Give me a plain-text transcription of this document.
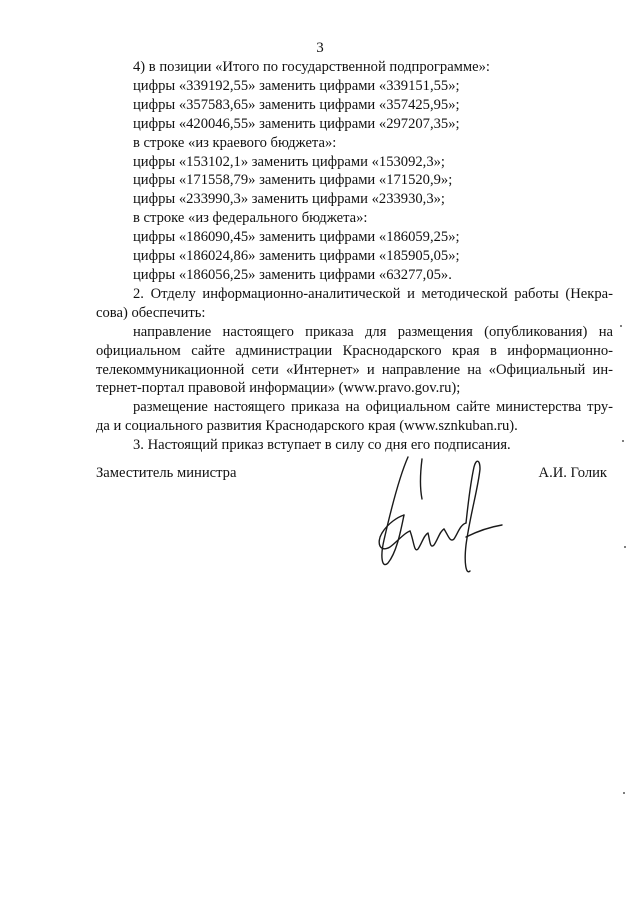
3
4) в позиции «Итого по государственной подпрограмме»:
цифры «339192,55» заменить цифрами «339151,55»;
цифры «357583,65» заменить цифрами «357425,95»;
цифры «420046,55» заменить цифрами «297207,35»;
в строке «из краевого бюджета»:
цифры «153102,1» заменить цифрами «153092,3»;
цифры «171558,79» заменить цифрами «171520,9»;
цифры «233990,3» заменить цифрами «233930,3»;
в строке «из федерального бюджета»:
цифры «186090,45» заменить цифрами «186059,25»;
цифры «186024,86» заменить цифрами «185905,05»;
цифры «186056,25» заменить цифрами «63277,05».
2. Отделу информационно-аналитической и методической работы (Некра-
сова) обеспечить:
направление настоящего приказа для размещения (опубликования) на
официальном сайте администрации Краснодарского края в информационно-
телекоммуникационной сети «Интернет» и направление на «Официальный ин-
тернет-портал правовой информации» (www.pravo.gov.ru);
размещение настоящего приказа на официальном сайте министерства тру-
да и социального развития Краснодарского края (www.sznkuban.ru).
3. Настоящий приказ вступает в силу со дня его подписания.
Заместитель министра	А.И. Голик
